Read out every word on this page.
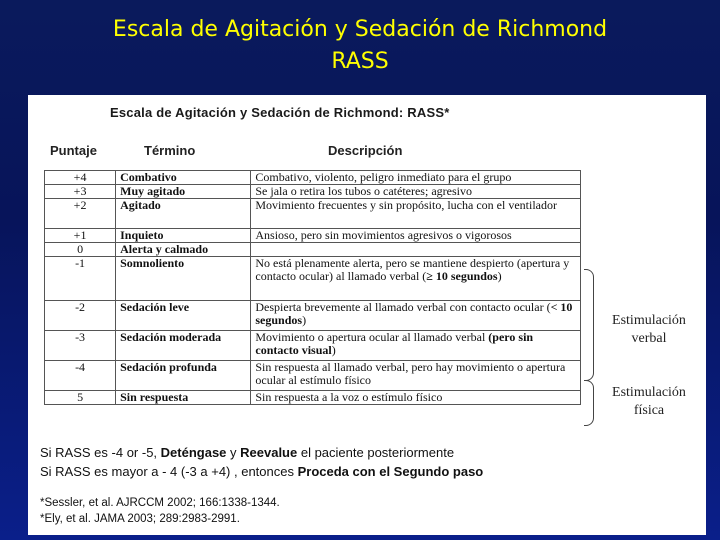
Escala de Agitación y Sedación de Richmond
RASS
Escala de Agitación y Sedación de Richmond: RASS*
Puntaje	Término	Descripción
+4	Combativo	Combativo, violento, peligro inmediato para el grupo
+3	Muy agitado	Se jala o retira los tubos o catéteres; agresivo
+2	Agitado	Movimiento frecuentes y sin propósito, lucha con el ventilador
+1	Inquieto	Ansioso, pero sin movimientos agresivos o vigorosos
0	Alerta y calmado	
-1	Somnoliento	No está plenamente alerta, pero se mantiene despierto (apertura y contacto ocular) al llamado verbal (≥ 10 segundos)
-2	Sedación leve	Despierta brevemente al llamado verbal con contacto ocular (< 10 segundos)
-3	Sedación moderada	Movimiento o apertura ocular al llamado verbal (pero sin contacto visual)
-4	Sedación profunda	Sin respuesta al llamado verbal, pero hay movimiento o apertura ocular al estímulo físico
5	Sin respuesta	Sin respuesta a la voz o estímulo físico
Estimulación
verbal
Estimulación
física
Si RASS es -4 or -5, Deténgase y Reevalue el paciente posteriormente
Si RASS es mayor a - 4 (-3 a +4) , entonces Proceda con el Segundo paso
*Sessler, et al. AJRCCM 2002; 166:1338-1344.
*Ely, et al. JAMA 2003; 289:2983-2991.
